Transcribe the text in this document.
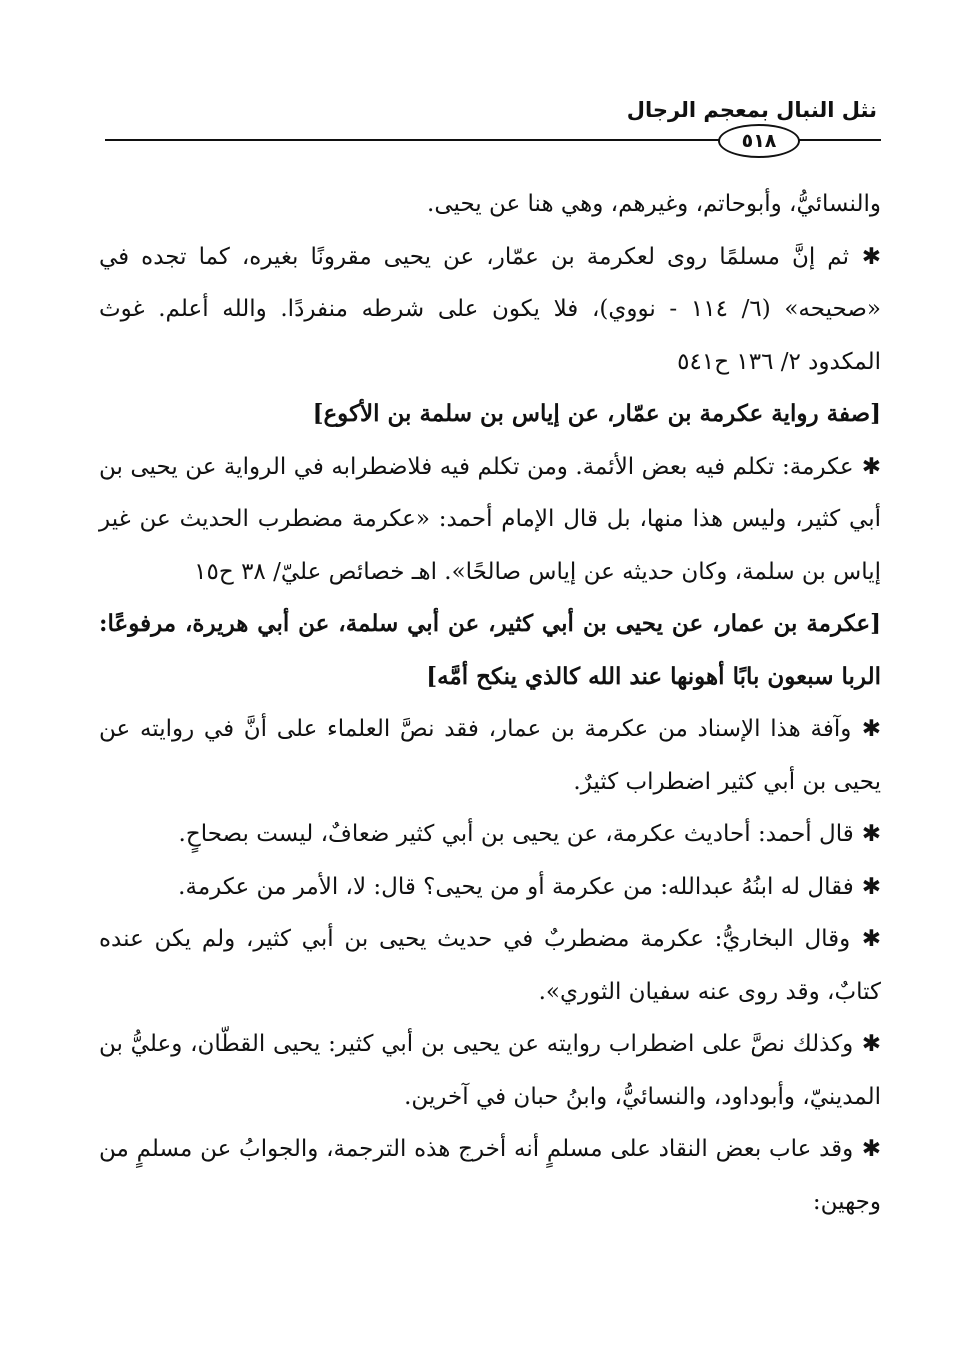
نثل النبال بمعجم الرجال
٥١٨

والنسائيُّ، وأبوحاتم، وغيرهم، وهي هنا عن يحيى.

✱ ثم إنَّ مسلمًا روى لعكرمة بن عمّار، عن يحيى مقرونًا بغيره، كما تجده في «صحيحه» (٦/ ١١٤ - نووي)، فلا يكون على شرطه منفردًا. والله أعلم. غوث المكدود ٢/ ١٣٦ ح٥٤١

[صفة رواية عكرمة بن عمّار، عن إياس بن سلمة بن الأكوع]

✱ عكرمة: تكلم فيه بعض الأئمة. ومن تكلم فيه فلاضطرابه في الرواية عن يحيى بن أبي كثير، وليس هذا منها، بل قال الإمام أحمد: «عكرمة مضطرب الحديث عن غير إياس بن سلمة، وكان حديثه عن إياس صالحًا». اهـ خصائص عليّ/ ٣٨ ح١٥

[عكرمة بن عمار، عن يحيى بن أبي كثير، عن أبي سلمة، عن أبي هريرة، مرفوعًا: الربا سبعون بابًا أهونها عند الله كالذي ينكح أمَّه]

✱ وآفة هذا الإسناد من عكرمة بن عمار، فقد نصَّ العلماء على أنَّ في روايته عن يحيى بن أبي كثير اضطراب كثيرٌ.

✱ قال أحمد: أحاديث عكرمة، عن يحيى بن أبي كثير ضعافٌ، ليست بصحاحٍ.

✱ فقال له ابنُهُ عبدالله: من عكرمة أو من يحيى؟ قال: لا، الأمر من عكرمة.

✱ وقال البخاريُّ: عكرمة مضطربٌ في حديث يحيى بن أبي كثير، ولم يكن عنده كتابٌ، وقد روى عنه سفيان الثوري».

✱ وكذلك نصَّ على اضطراب روايته عن يحيى بن أبي كثير: يحيى القطّان، وعليُّ بن المدينيّ، وأبوداود، والنسائيُّ، وابنُ حبان في آخرين.

✱ وقد عاب بعض النقاد على مسلمٍ أنه أخرج هذه الترجمة، والجوابُ عن مسلمٍ من وجهين:
